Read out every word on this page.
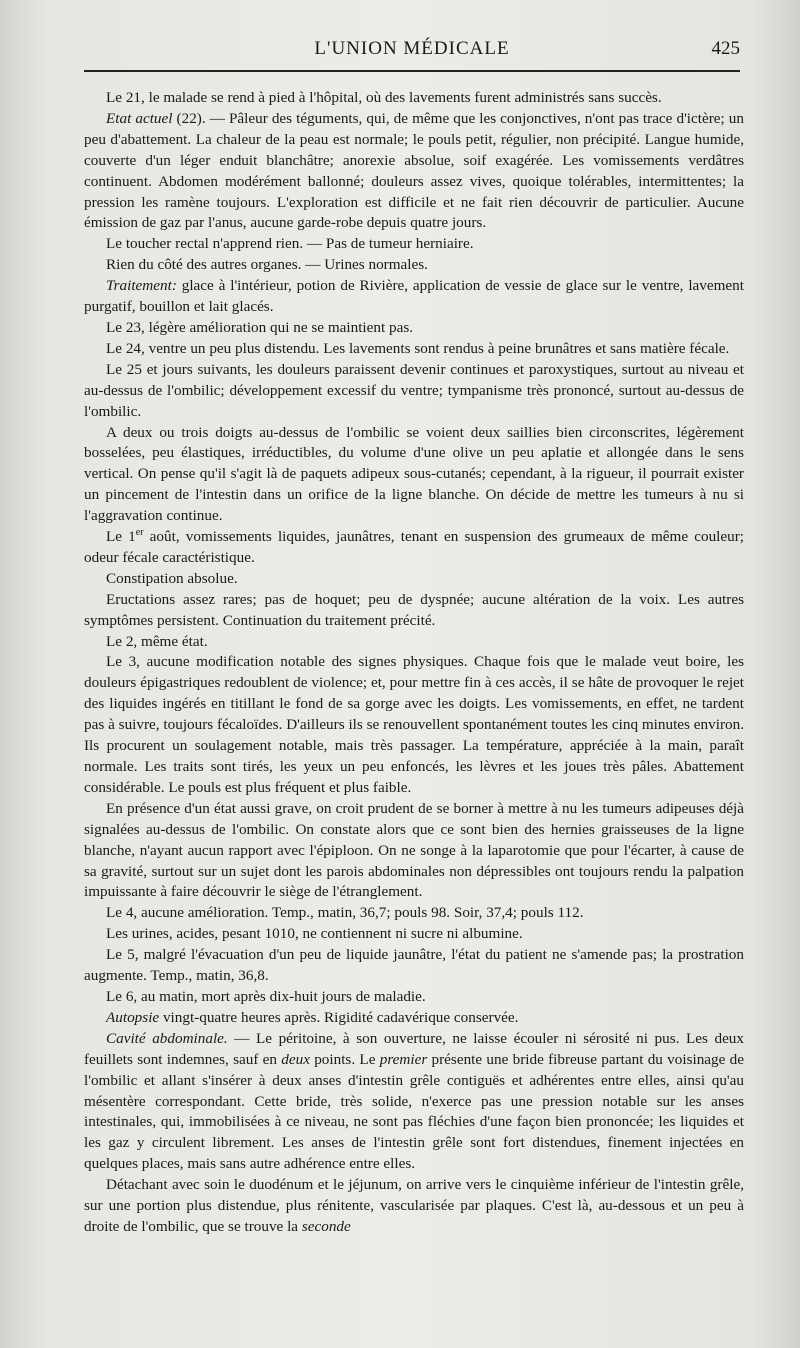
L'UNION MÉDICALE	425

Le 21, le malade se rend à pied à l'hôpital, où des lavements furent administrés sans succès.

Etat actuel (22). — Pâleur des téguments, qui, de même que les conjonctives, n'ont pas trace d'ictère; un peu d'abattement. La chaleur de la peau est normale; le pouls petit, régulier, non précipité. Langue humide, couverte d'un léger enduit blanchâtre; anorexie absolue, soif exagérée. Les vomissements verdâtres continuent. Abdomen modérément ballonné; douleurs assez vives, quoique tolérables, intermittentes; la pression les ramène toujours. L'exploration est difficile et ne fait rien découvrir de particulier. Aucune émission de gaz par l'anus, aucune garde-robe depuis quatre jours.

Le toucher rectal n'apprend rien. — Pas de tumeur herniaire.

Rien du côté des autres organes. — Urines normales.

Traitement: glace à l'intérieur, potion de Rivière, application de vessie de glace sur le ventre, lavement purgatif, bouillon et lait glacés.

Le 23, légère amélioration qui ne se maintient pas.

Le 24, ventre un peu plus distendu. Les lavements sont rendus à peine brunâtres et sans matière fécale.

Le 25 et jours suivants, les douleurs paraissent devenir continues et paroxystiques, surtout au niveau et au-dessus de l'ombilic; développement excessif du ventre; tympanisme très prononcé, surtout au-dessus de l'ombilic.

A deux ou trois doigts au-dessus de l'ombilic se voient deux saillies bien circonscrites, légèrement bosselées, peu élastiques, irréductibles, du volume d'une olive un peu aplatie et allongée dans le sens vertical. On pense qu'il s'agit là de paquets adipeux sous-cutanés; cependant, à la rigueur, il pourrait exister un pincement de l'intestin dans un orifice de la ligne blanche. On décide de mettre les tumeurs à nu si l'aggravation continue.

Le 1er août, vomissements liquides, jaunâtres, tenant en suspension des grumeaux de même couleur; odeur fécale caractéristique.

Constipation absolue.

Eructations assez rares; pas de hoquet; peu de dyspnée; aucune altération de la voix. Les autres symptômes persistent. Continuation du traitement précité.

Le 2, même état.

Le 3, aucune modification notable des signes physiques. Chaque fois que le malade veut boire, les douleurs épigastriques redoublent de violence; et, pour mettre fin à ces accès, il se hâte de provoquer le rejet des liquides ingérés en titillant le fond de sa gorge avec les doigts. Les vomissements, en effet, ne tardent pas à suivre, toujours fécaloïdes. D'ailleurs ils se renouvellent spontanément toutes les cinq minutes environ. Ils procurent un soulagement notable, mais très passager. La température, appréciée à la main, paraît normale. Les traits sont tirés, les yeux un peu enfoncés, les lèvres et les joues très pâles. Abattement considérable. Le pouls est plus fréquent et plus faible.

En présence d'un état aussi grave, on croit prudent de se borner à mettre à nu les tumeurs adipeuses déjà signalées au-dessus de l'ombilic. On constate alors que ce sont bien des hernies graisseuses de la ligne blanche, n'ayant aucun rapport avec l'épiploon. On ne songe à la laparotomie que pour l'écarter, à cause de sa gravité, surtout sur un sujet dont les parois abdominales non dépressibles ont toujours rendu la palpation impuissante à faire découvrir le siège de l'étranglement.

Le 4, aucune amélioration. Temp., matin, 36,7; pouls 98. Soir, 37,4; pouls 112.

Les urines, acides, pesant 1010, ne contiennent ni sucre ni albumine.

Le 5, malgré l'évacuation d'un peu de liquide jaunâtre, l'état du patient ne s'amende pas; la prostration augmente. Temp., matin, 36,8.

Le 6, au matin, mort après dix-huit jours de maladie.

Autopsie vingt-quatre heures après. Rigidité cadavérique conservée.

Cavité abdominale. — Le péritoine, à son ouverture, ne laisse écouler ni sérosité ni pus. Les deux feuillets sont indemnes, sauf en deux points. Le premier présente une bride fibreuse partant du voisinage de l'ombilic et allant s'insérer à deux anses d'intestin grêle contiguës et adhérentes entre elles, ainsi qu'au mésentère correspondant. Cette bride, très solide, n'exerce pas une pression notable sur les anses intestinales, qui, immobilisées à ce niveau, ne sont pas fléchies d'une façon bien prononcée; les liquides et les gaz y circulent librement. Les anses de l'intestin grêle sont fort distendues, finement injectées en quelques places, mais sans autre adhérence entre elles.

Détachant avec soin le duodénum et le jéjunum, on arrive vers le cinquième inférieur de l'intestin grêle, sur une portion plus distendue, plus rénitente, vascularisée par plaques. C'est là, au-dessous et un peu à droite de l'ombilic, que se trouve la seconde
